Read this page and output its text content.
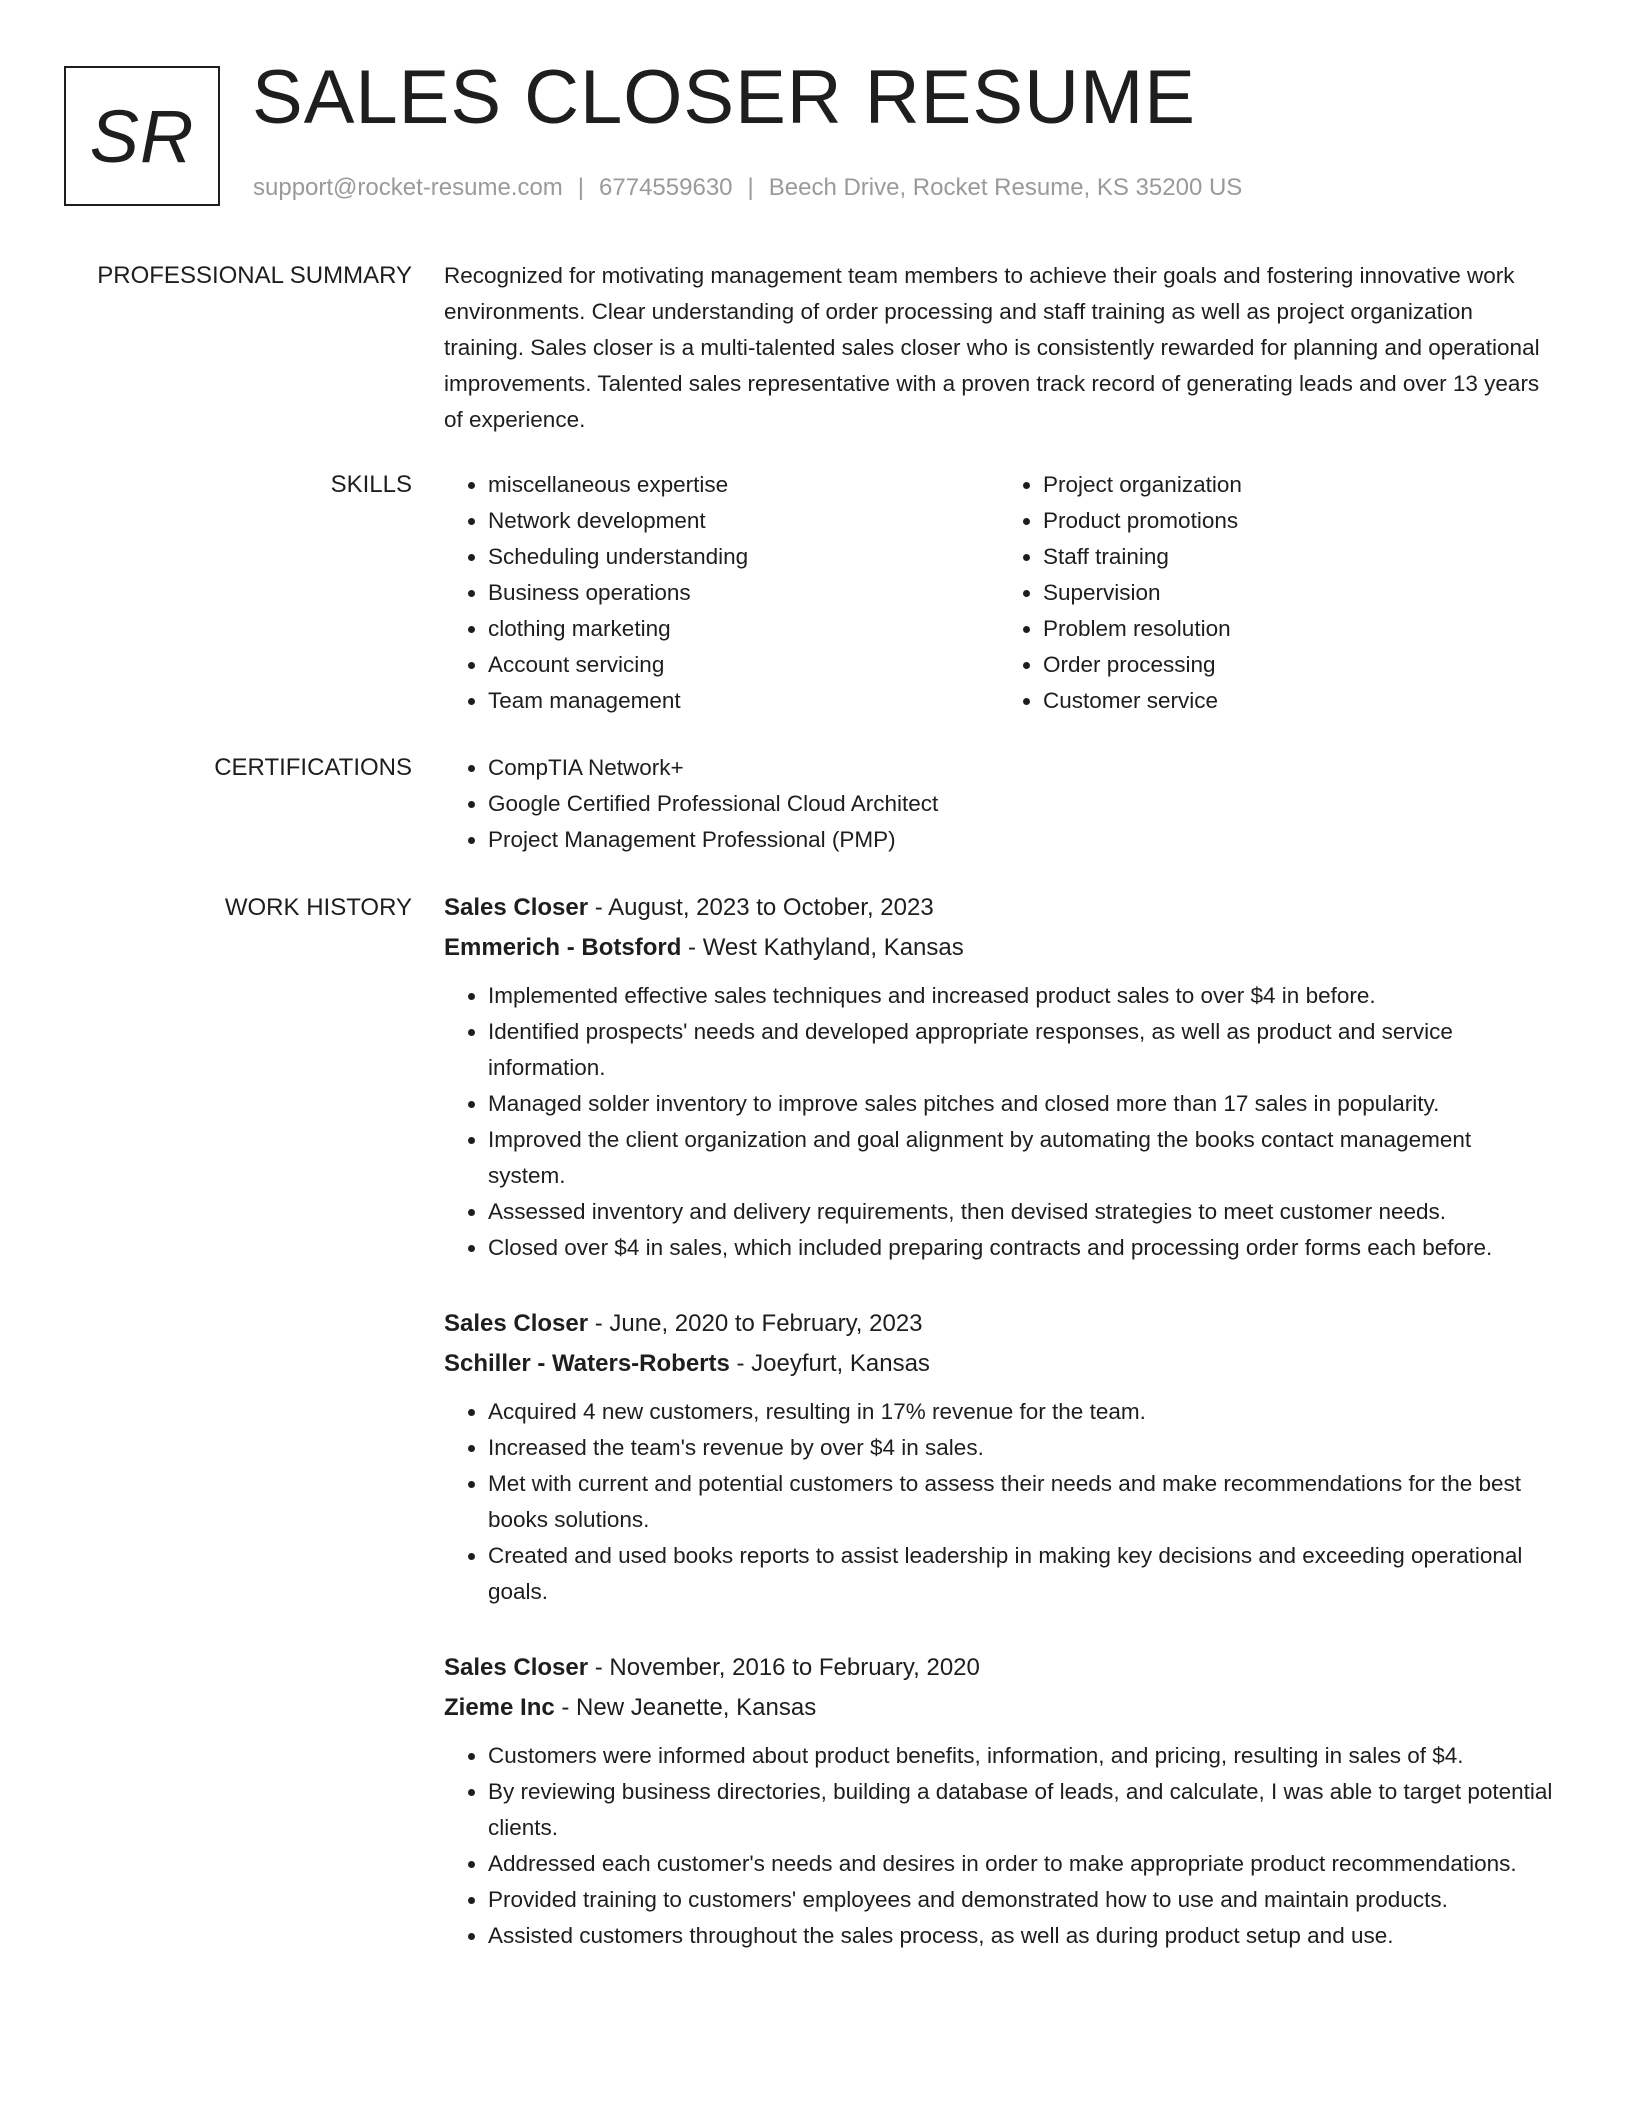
SR SALES CLOSER RESUME
support@rocket-resume.com | 6774559630 | Beech Drive, Rocket Resume, KS 35200 US
PROFESSIONAL SUMMARY Recognized for motivating management team members to achieve their goals and fostering innovative work environments. Clear understanding of order processing and staff training as well as project organization training. Sales closer is a multi-talented sales closer who is consistently rewarded for planning and operational improvements. Talented sales representative with a proven track record of generating leads and over 13 years of experience.
SKILLS	• miscellaneous expertise
• Network development
• Scheduling understanding
• Business operations
• clothing marketing
• Account servicing
• Team management
• Project organization
• Product promotions
• Staff training
• Supervision
• Problem resolution
• Order processing
• Customer service
CERTIFICATIONS	• CompTIA Network+
• Google Certified Professional Cloud Architect
• Project Management Professional (PMP)
WORK HISTORY Sales Closer - August, 2023 to October, 2023
Emmerich - Botsford - West Kathyland, Kansas
• Implemented effective sales techniques and increased product sales to over $4 in before.
• Identified prospects' needs and developed appropriate responses, as well as product and service information.
• Managed solder inventory to improve sales pitches and closed more than 17 sales in popularity.
• Improved the client organization and goal alignment by automating the books contact management system.
• Assessed inventory and delivery requirements, then devised strategies to meet customer needs.
• Closed over $4 in sales, which included preparing contracts and processing order forms each before.
Sales Closer - June, 2020 to February, 2023
Schiller - Waters-Roberts - Joeyfurt, Kansas
• Acquired 4 new customers, resulting in 17% revenue for the team.
• Increased the team's revenue by over $4 in sales.
• Met with current and potential customers to assess their needs and make recommendations for the best books solutions.
• Created and used books reports to assist leadership in making key decisions and exceeding operational goals.
Sales Closer - November, 2016 to February, 2020
Zieme Inc - New Jeanette, Kansas
• Customers were informed about product benefits, information, and pricing, resulting in sales of $4.
• By reviewing business directories, building a database of leads, and calculate, I was able to target potential clients.
• Addressed each customer's needs and desires in order to make appropriate product recommendations.
• Provided training to customers' employees and demonstrated how to use and maintain products.
• Assisted customers throughout the sales process, as well as during product setup and use.
